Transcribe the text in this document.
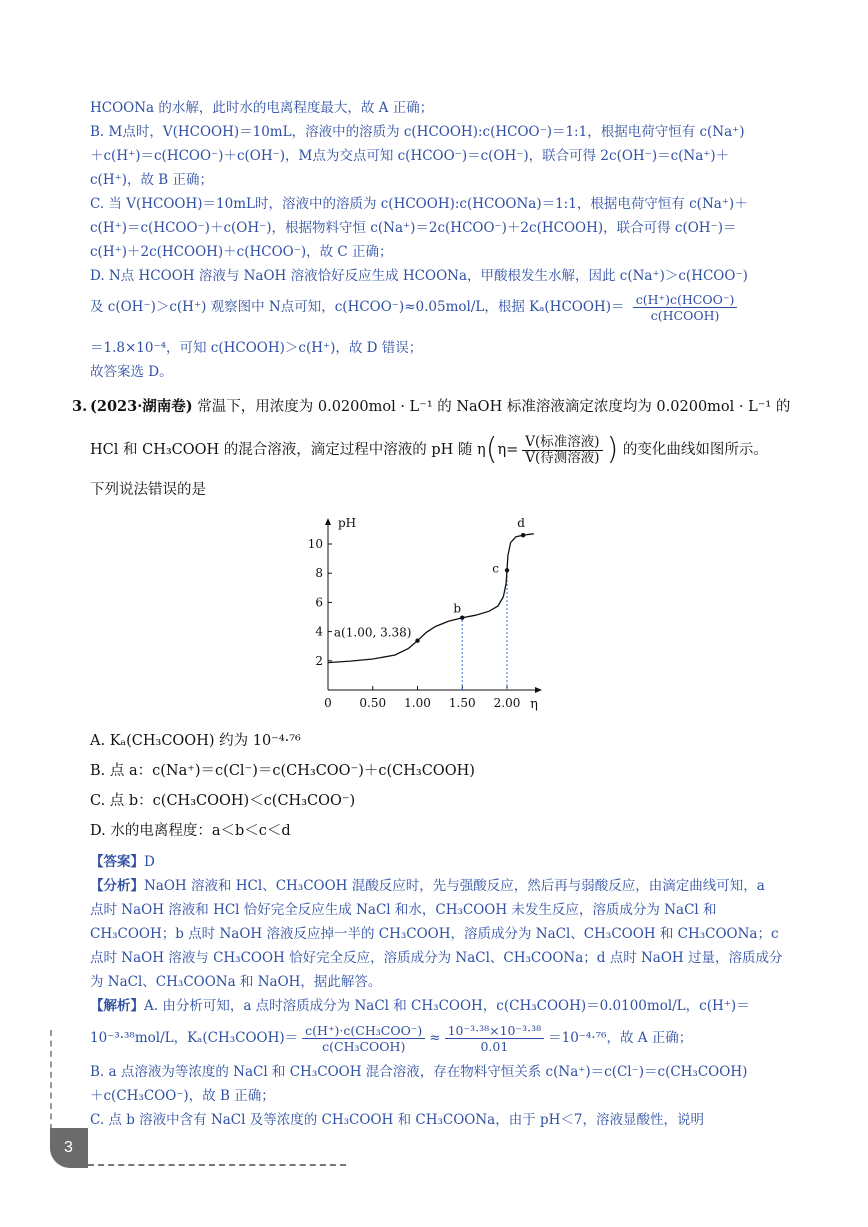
HCOONa 的水解，此时水的电离程度最大，故 A 正确；
B. M点时，V(HCOOH)＝10mL，溶液中的溶质为 c(HCOOH):c(HCOO⁻)＝1:1，根据电荷守恒有 c(Na⁺)
＋c(H⁺)＝c(HCOO⁻)＋c(OH⁻)，M点为交点可知 c(HCOO⁻)＝c(OH⁻)，联合可得 2c(OH⁻)＝c(Na⁺)＋
c(H⁺)，故 B 正确；
C. 当 V(HCOOH)＝10mL时，溶液中的溶质为 c(HCOOH):c(HCOONa)＝1:1，根据电荷守恒有 c(Na⁺)＋
c(H⁺)＝c(HCOO⁻)＋c(OH⁻)，根据物料守恒 c(Na⁺)＝2c(HCOO⁻)＋2c(HCOOH)，联合可得 c(OH⁻)＝
c(H⁺)＋2c(HCOOH)＋c(HCOO⁻)，故 C 正确；
D. N点 HCOOH 溶液与 NaOH 溶液恰好反应生成 HCOONa，甲酸根发生水解，因此 c(Na⁺)＞c(HCOO⁻)
及 c(OH⁻)＞c(H⁺) 观察图中 N点可知，c(HCOO⁻)≈0.05mol/L，根据 Kₐ(HCOOH)＝ $\frac{\text{c(H⁺)c(HCOO⁻)}}{\text{c(HCOOH)}}$
＝1.8×10⁻⁴，可知 c(HCOOH)＞c(H⁺)，故 D 错误；
故答案选 D。
3. (2023·湖南卷) 常温下，用浓度为 0.0200mol · L⁻¹ 的 NaOH 标准溶液滴定浓度均为 0.0200mol · L⁻¹ 的
HCl 和 CH₃COOH 的混合溶液，滴定过程中溶液的 pH 随 $\eta(\eta= \frac{\text{V(标准溶液)}}{\text{V(待测溶液)}}$ ) 的变化曲线如图所示。
下列说法错误的是
pH
η
0 0.50 1.00 1.50 2.00
2
4
6
8
10
a(1.00, 3.38)
b
c
d
A. Kₐ(CH₃COOH) 约为 10⁻⁴·⁷⁶
B. 点 a：c(Na⁺)＝c(Cl⁻)＝c(CH₃COO⁻)＋c(CH₃COOH)
C. 点 b：c(CH₃COOH)＜c(CH₃COO⁻)
D. 水的电离程度：a＜b＜c＜d
【答案】D
【分析】NaOH 溶液和 HCl、CH₃COOH 混酸反应时，先与强酸反应，然后再与弱酸反应，由滴定曲线可知，a
点时 NaOH 溶液和 HCl 恰好完全反应生成 NaCl 和水，CH₃COOH 未发生反应，溶质成分为 NaCl 和
CH₃COOH；b 点时 NaOH 溶液反应掉一半的 CH₃COOH，溶质成分为 NaCl、CH₃COOH 和 CH₃COONa；c
点时 NaOH 溶液与 CH₃COOH 恰好完全反应，溶质成分为 NaCl、CH₃COONa；d 点时 NaOH 过量，溶质成分
为 NaCl、CH₃COONa 和 NaOH，据此解答。
【解析】A. 由分析可知，a 点时溶质成分为 NaCl 和 CH₃COOH，c(CH₃COOH)＝0.0100mol/L，c(H⁺)＝
10⁻³·³⁸mol/L，Kₐ(CH₃COOH)＝ $\frac{\text{c(H⁺)·c(CH₃COO⁻)}}{\text{c(CH₃COOH)}} \approx \frac{\text{10⁻³·³⁸×10⁻³·³⁸}}{0.01} =10^{-4}\cdot^{76}$，故 A 正确；
B. a 点溶液为等浓度的 NaCl 和 CH₃COOH 混合溶液，存在物料守恒关系 c(Na⁺)＝c(Cl⁻)＝c(CH₃COOH)
＋c(CH₃COO⁻)，故 B 正确；
C. 点 b 溶液中含有 NaCl 及等浓度的 CH₃COOH 和 CH₃COONa，由于 pH＜7，溶液显酸性，说明
3
